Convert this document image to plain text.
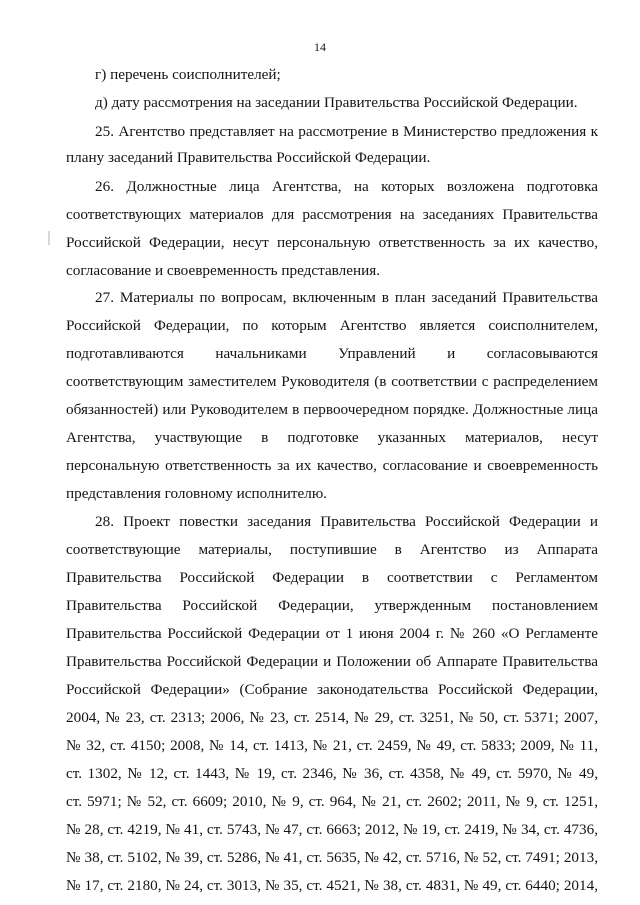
14
г) перечень соисполнителей;
д) дату рассмотрения на заседании Правительства Российской Федерации.
25. Агентство представляет на рассмотрение в Министерство предложения к
плану заседаний Правительства Российской Федерации.
26. Должностные лица Агентства, на которых возложена подготовка
соответствующих материалов для рассмотрения на заседаниях Правительства
Российской Федерации, несут персональную ответственность за их качество,
согласование и своевременность представления.
27. Материалы по вопросам, включенным в план заседаний Правительства
Российской Федерации, по которым Агентство является соисполнителем,
подготавливаются начальниками Управлений и согласовываются
соответствующим заместителем Руководителя (в соответствии с распределением
обязанностей) или Руководителем в первоочередном порядке. Должностные лица
Агентства, участвующие в подготовке указанных материалов, несут
персональную ответственность за их качество, согласование и своевременность
представления головному исполнителю.
28. Проект повестки заседания Правительства Российской Федерации и
соответствующие материалы, поступившие в Агентство из Аппарата
Правительства Российской Федерации в соответствии с Регламентом
Правительства Российской Федерации, утвержденным постановлением
Правительства Российской Федерации от 1 июня 2004 г. № 260 «О Регламенте
Правительства Российской Федерации и Положении об Аппарате Правительства
Российской Федерации» (Собрание законодательства Российской Федерации,
2004, № 23, ст. 2313; 2006, № 23, ст. 2514, № 29, ст. 3251, № 50, ст. 5371; 2007,
№ 32, ст. 4150; 2008, № 14, ст. 1413, № 21, ст. 2459, № 49, ст. 5833; 2009, № 11,
ст. 1302, № 12, ст. 1443, № 19, ст. 2346, № 36, ст. 4358, № 49, ст. 5970, № 49,
ст. 5971; № 52, ст. 6609; 2010, № 9, ст. 964, № 21, ст. 2602; 2011, № 9, ст. 1251,
№ 28, ст. 4219, № 41, ст. 5743, № 47, ст. 6663; 2012, № 19, ст. 2419, № 34, ст. 4736,
№ 38, ст. 5102, № 39, ст. 5286, № 41, ст. 5635, № 42, ст. 5716, № 52, ст. 7491; 2013,
№ 17, ст. 2180, № 24, ст. 3013, № 35, ст. 4521, № 38, ст. 4831, № 49, ст. 6440; 2014,
